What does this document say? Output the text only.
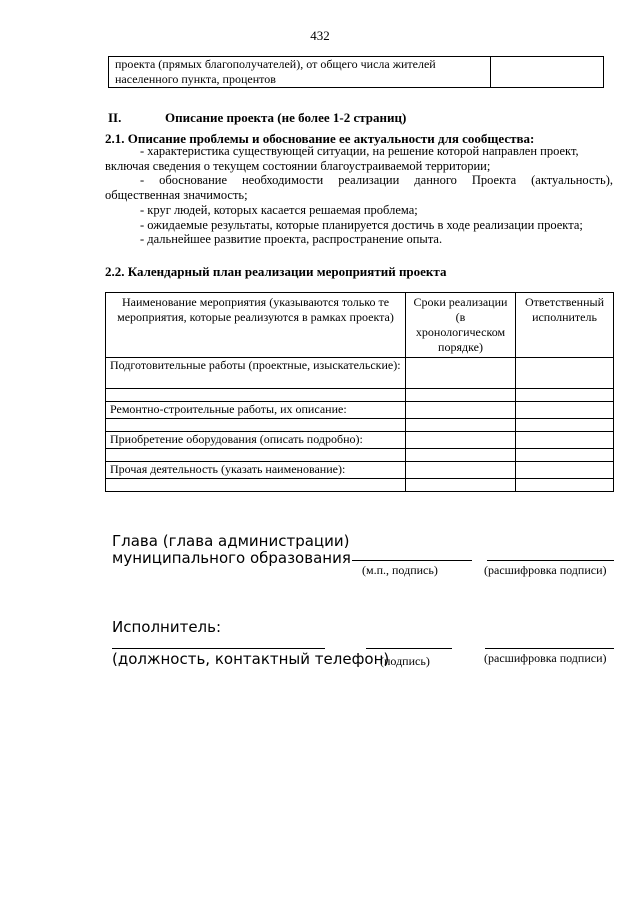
432
проекта (прямых благополучателей), от общего числа жителей
населенного пункта, процентов

II.	Описание проекта (не более 1-2 страниц)
2.1. Описание проблемы и обоснование ее актуальности для сообщества:

- характеристика существующей ситуации, на решение которой направлен проект,

включая сведения о текущем состоянии благоустраиваемой территории;

- обоснование необходимости реализации данного Проекта (актуальность),

общественная значимость;

- круг людей, которых касается решаемая проблема;

- ожидаемые результаты, которые планируется достичь в ходе реализации проекта;

- дальнейшее развитие проекта, распространение опыта.

2.2. Календарный план реализации мероприятий проекта
Наименование мероприятия (указываются только те мероприятия, которые реализуются в рамках проекта)	Сроки реализации (в хронологическом порядке)	Ответственный исполнитель
Подготовительные работы (проектные, изыскательские):		

Ремонтно-строительные работы, их описание:		

Приобретение оборудования (описать подробно):		

Прочая деятельность (указать наименование):		

Глава (глава администрации)
муниципального образования
(м.п., подпись)	(расшифровка подписи)
Исполнитель:
(должность, контактный телефон)
(подпись)	(расшифровка подписи)
